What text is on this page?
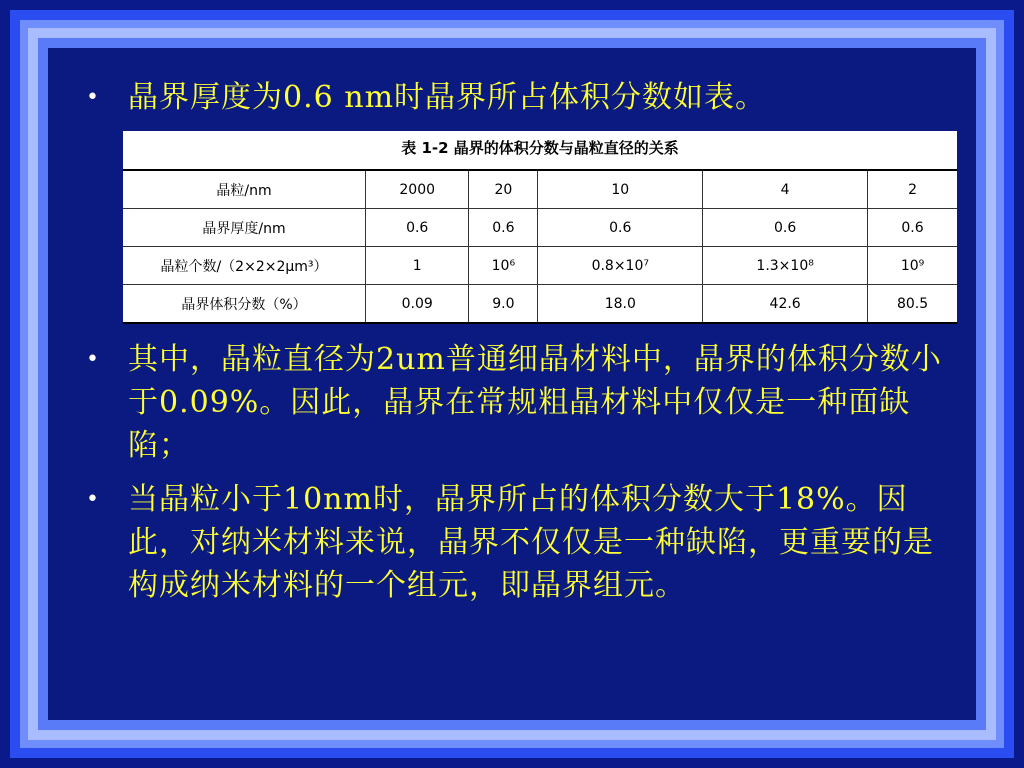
• 晶界厚度为0.6 nm时晶界所占体积分数如表。
表 1-2 晶界的体积分数与晶粒直径的关系
晶粒/nm	2000	20	10	4	2
晶界厚度/nm	0.6	0.6	0.6	0.6	0.6
晶粒个数/（2×2×2μm³）	1	10⁶	0.8×10⁷	1.3×10⁸	10⁹
晶界体积分数（%）	0.09	9.0	18.0	42.6	80.5
• 其中，晶粒直径为2um普通细晶材料中，晶界的体积分数小于0.09%。因此，晶界在常规粗晶材料中仅仅是一种面缺陷；
• 当晶粒小于10nm时，晶界所占的体积分数大于18%。因此，对纳米材料来说，晶界不仅仅是一种缺陷，更重要的是构成纳米材料的一个组元，即晶界组元。
